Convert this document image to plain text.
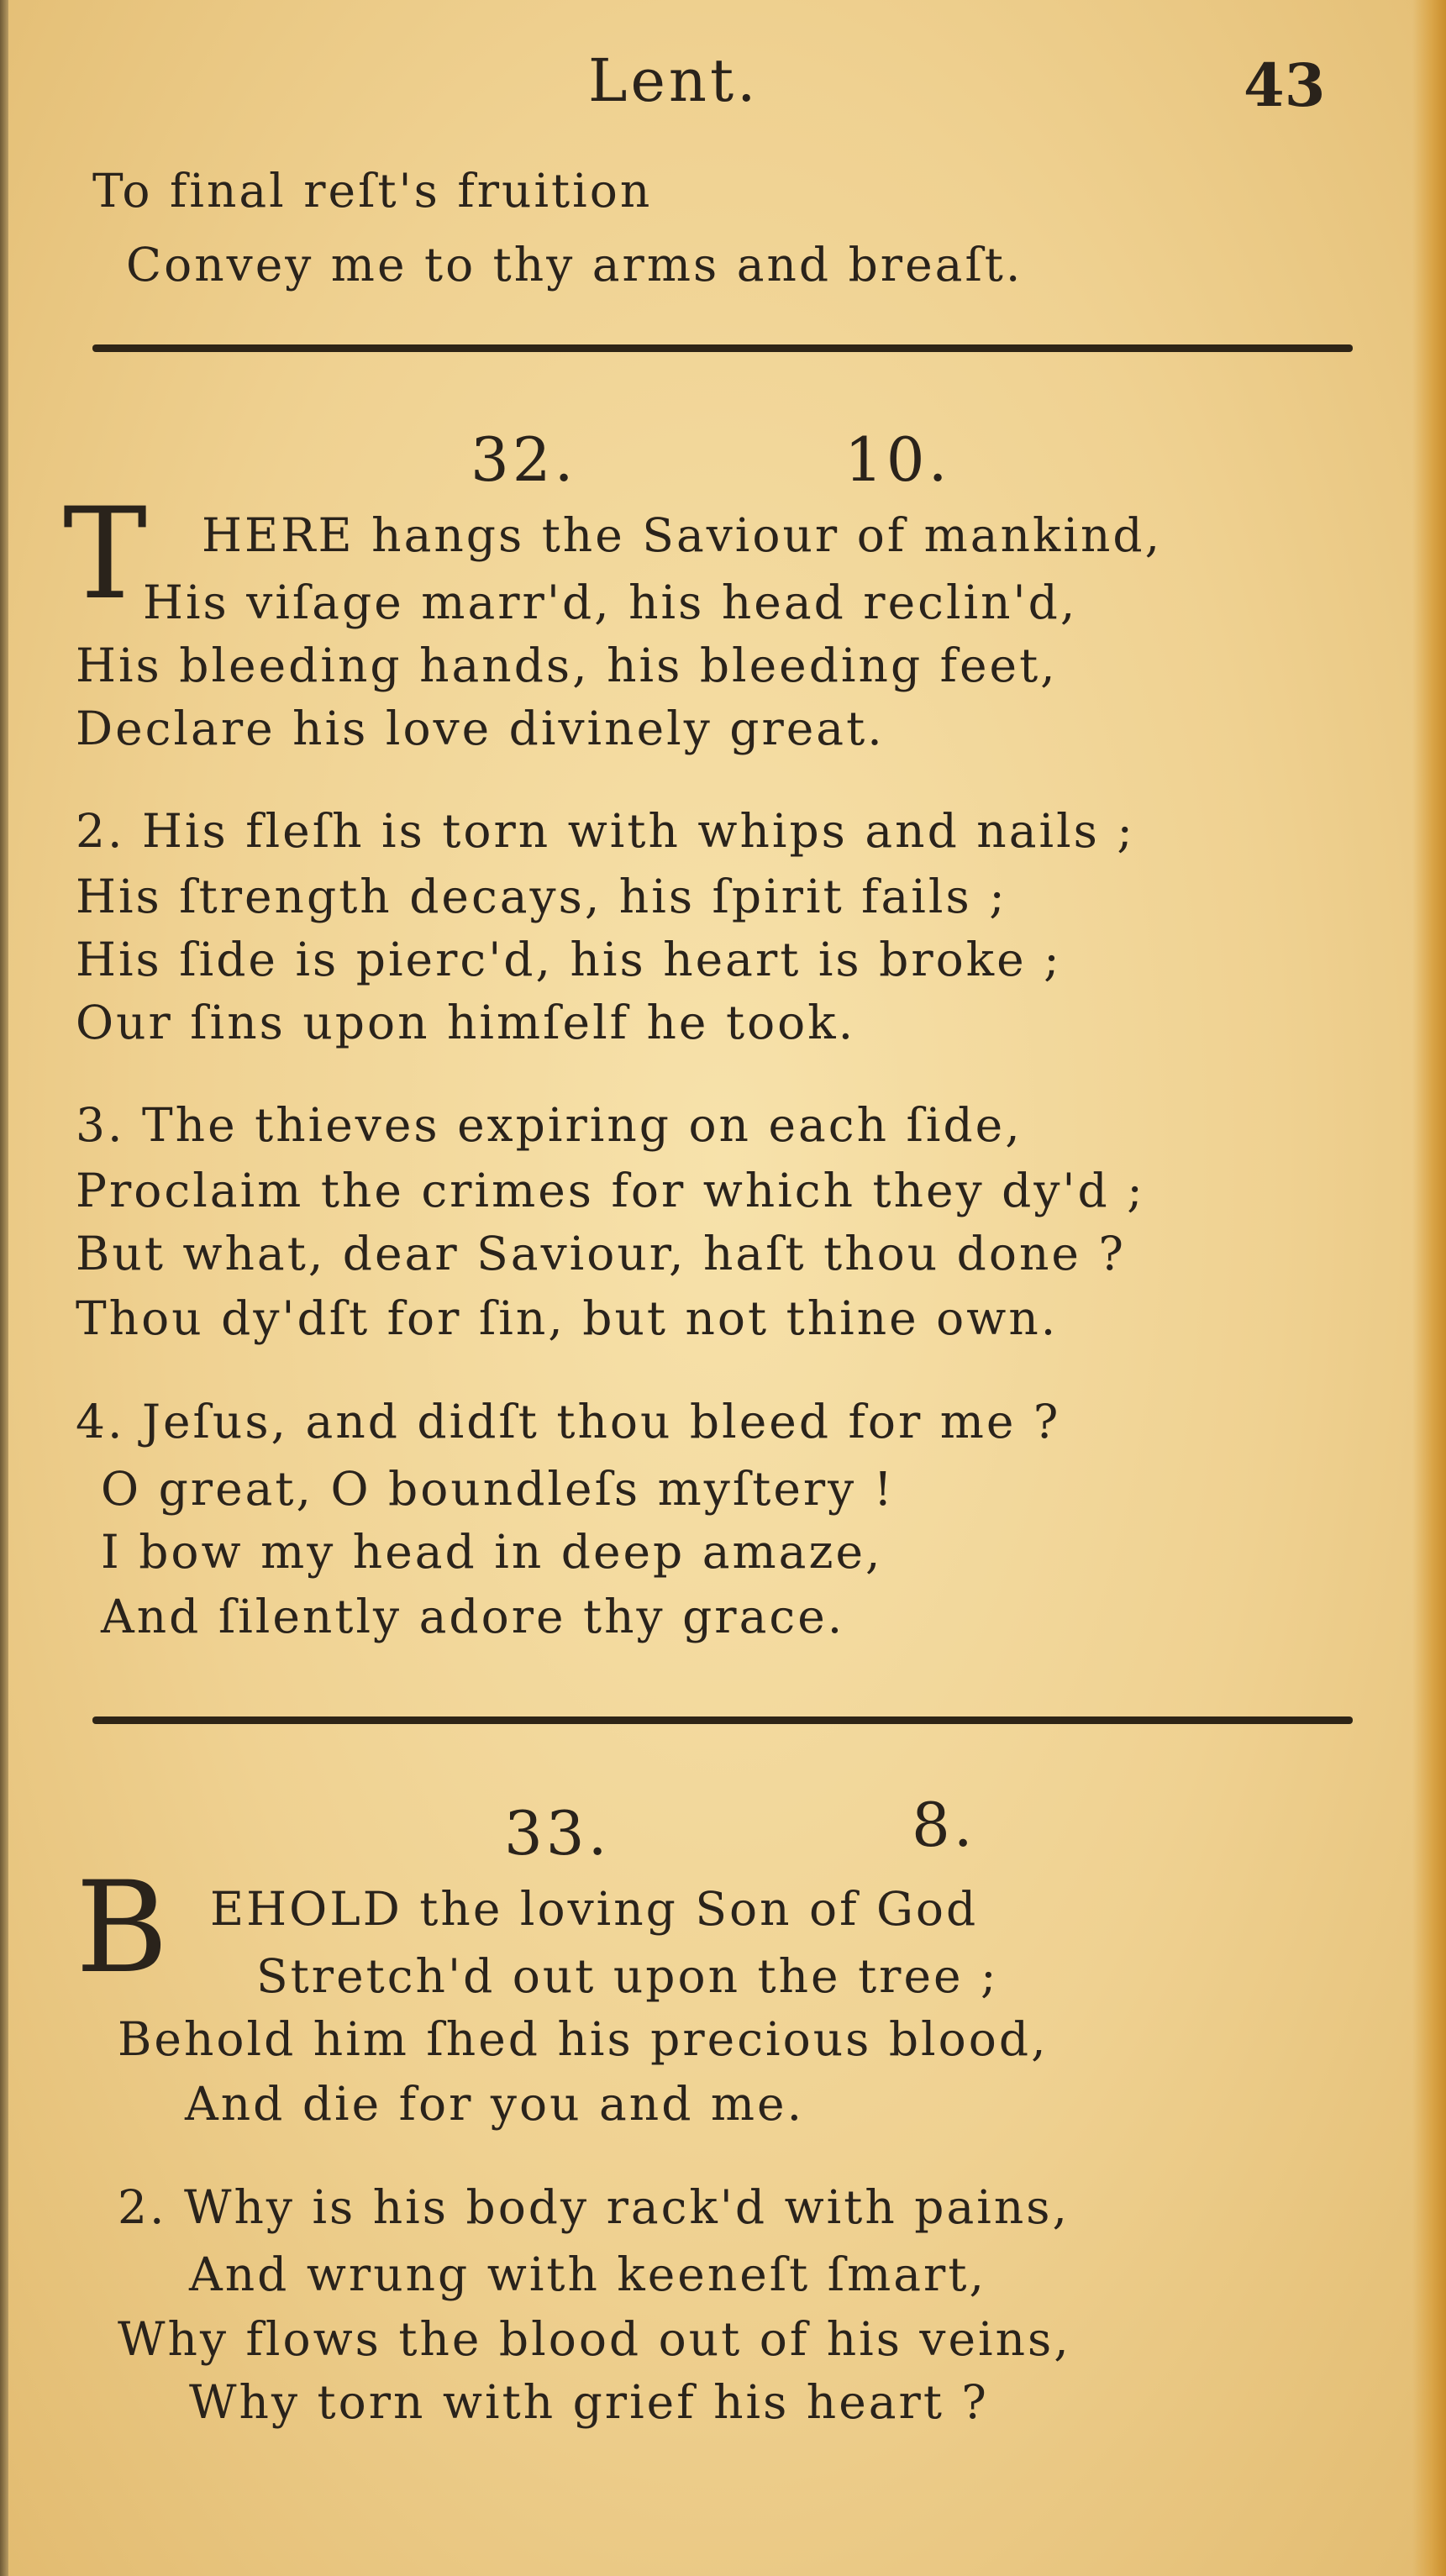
Lent.	43
To final reſt's fruition
Convey me to thy arms and breaſt.
32.	10.
T HERE hangs the Saviour of mankind,
His viſage marr'd, his head reclin'd,
His bleeding hands, his bleeding feet,
Declare his love divinely great.
2. His fleſh is torn with whips and nails ;
His ſtrength decays, his ſpirit fails ;
His ſide is pierc'd, his heart is broke ;
Our ſins upon himſelf he took.
3. The thieves expiring on each ſide,
Proclaim the crimes for which they dy'd ;
But what, dear Saviour, haſt thou done ?
Thou dy'dſt for ſin, but not thine own.
4. Jeſus, and didſt thou bleed for me ?
O great, O boundleſs myſtery !
I bow my head in deep amaze,
And ſilently adore thy grace.
33.	8.
B EHOLD the loving Son of God
Stretch'd out upon the tree ;
Behold him ſhed his precious blood,
And die for you and me.
2. Why is his body rack'd with pains,
And wrung with keeneſt ſmart,
Why flows the blood out of his veins,
Why torn with grief his heart ?
